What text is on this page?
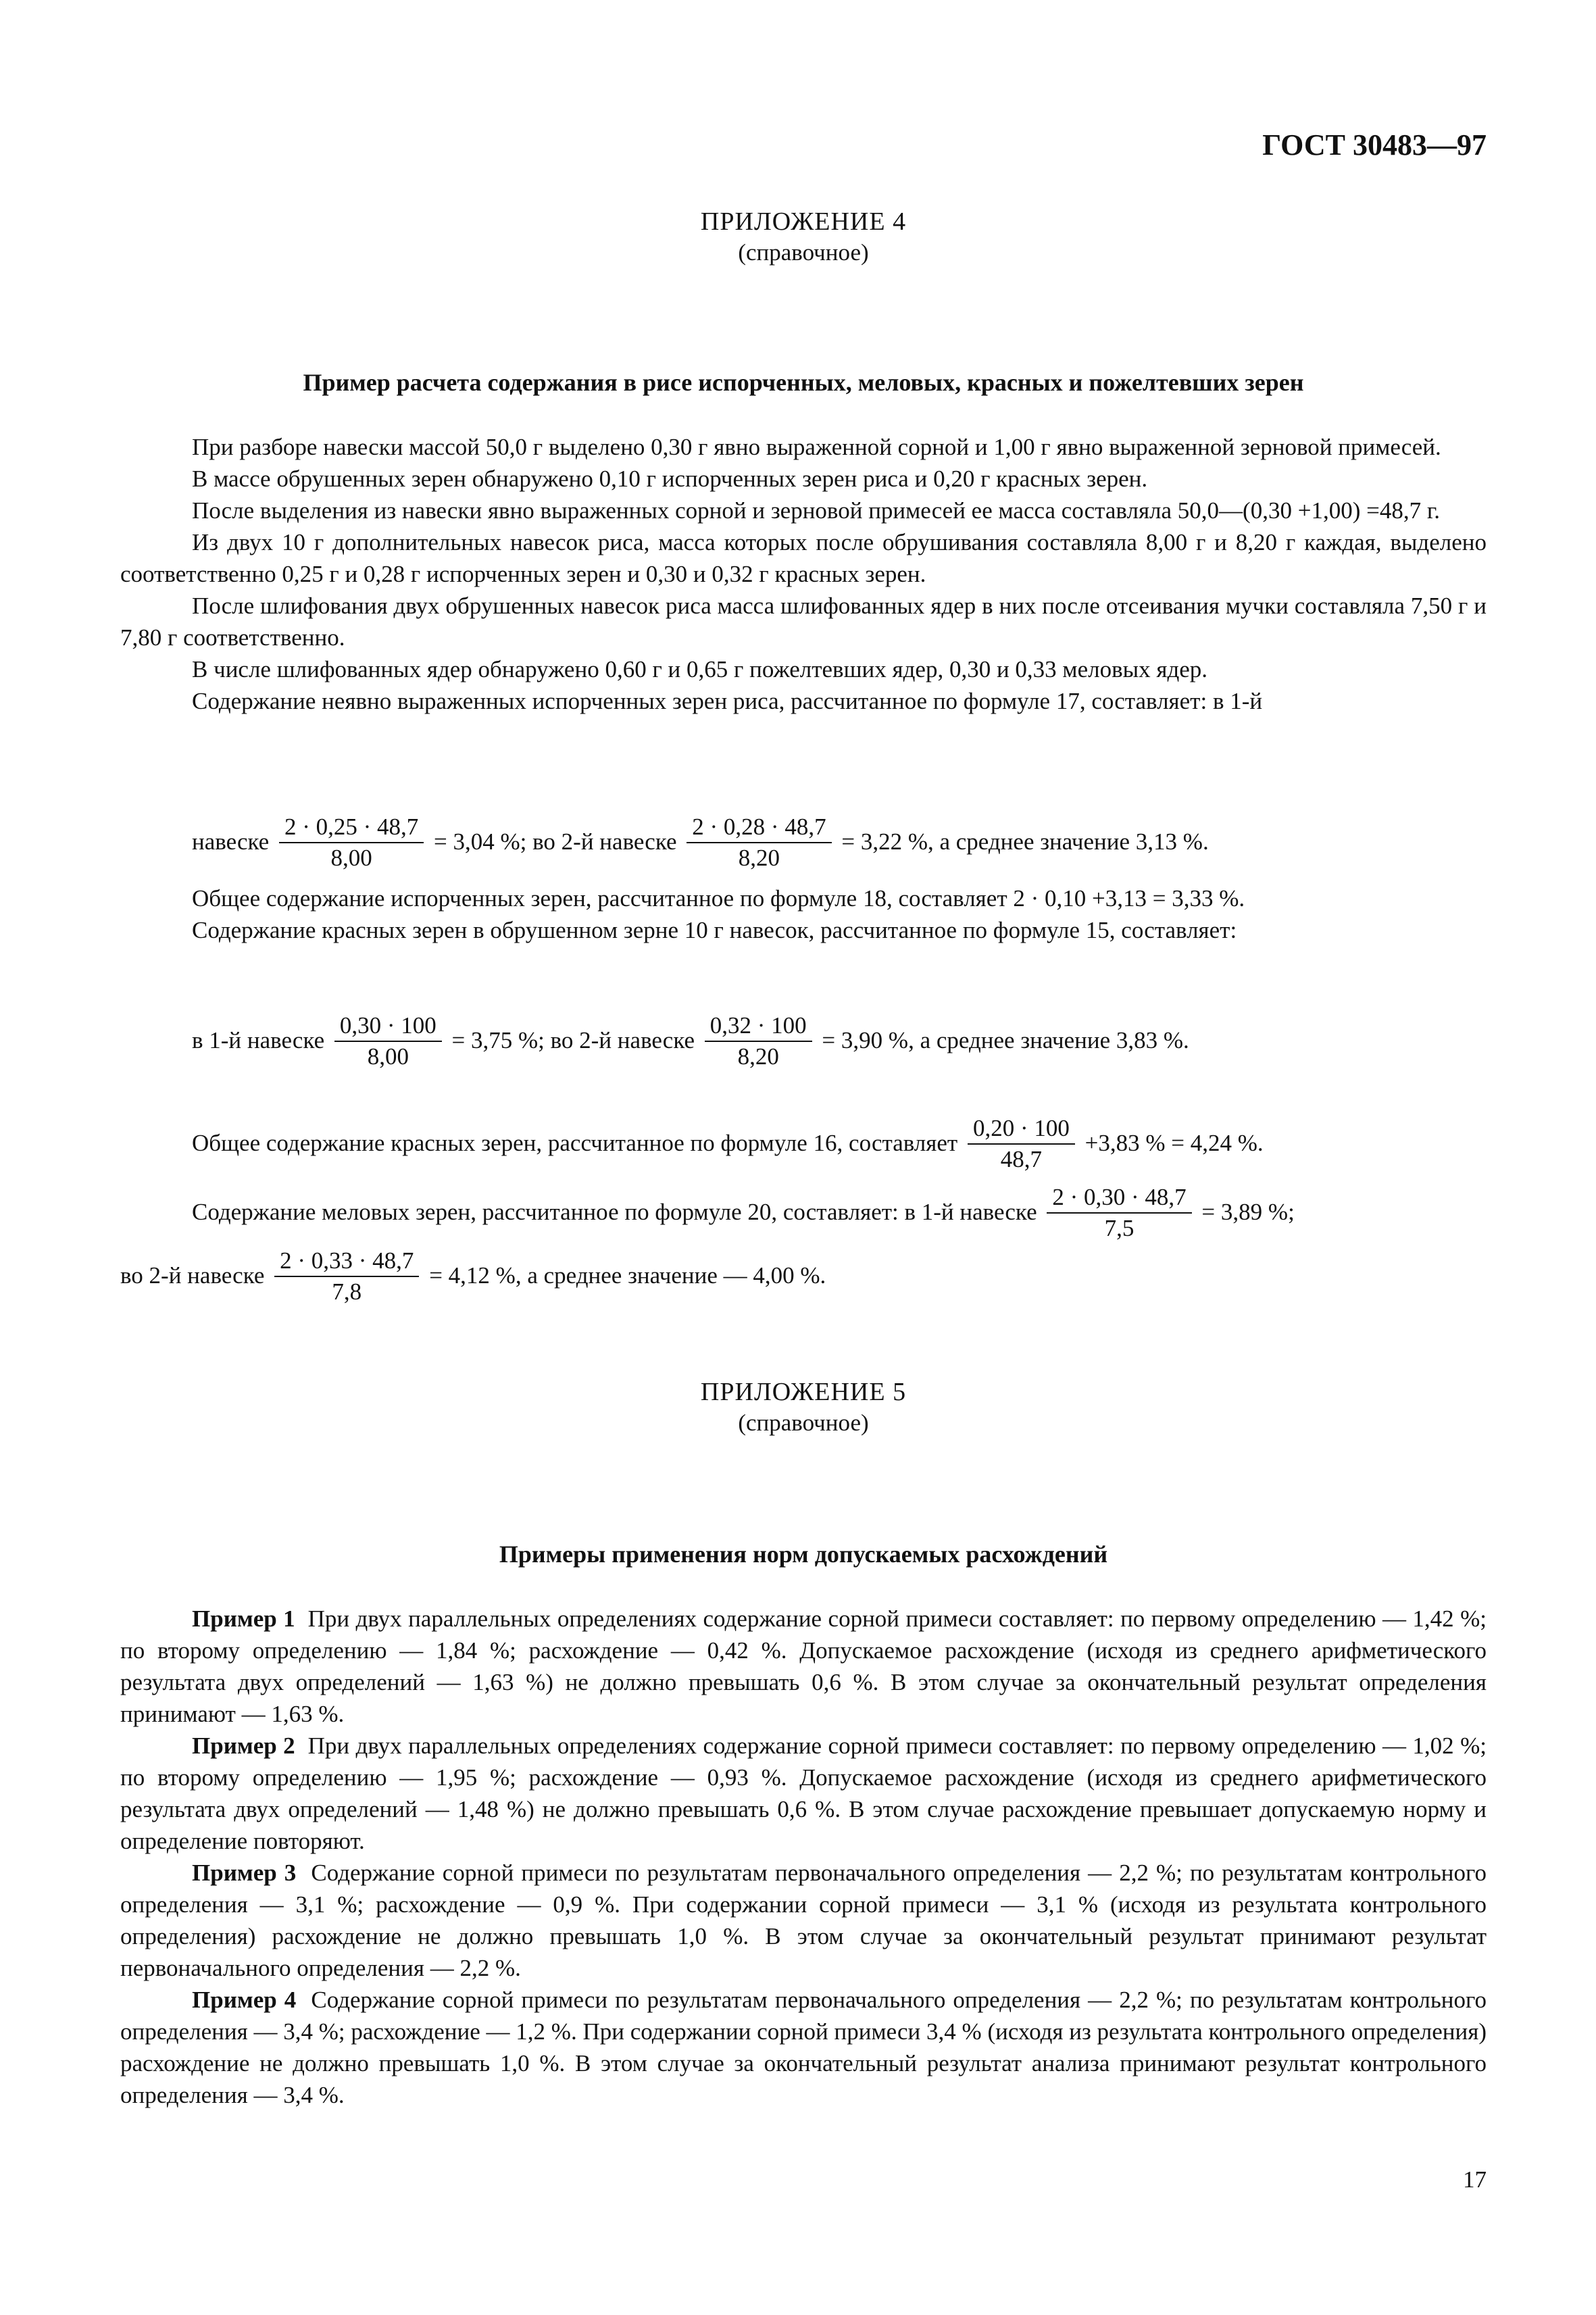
ГОСТ 30483—97
ПРИЛОЖЕНИЕ 4
(справочное)
Пример расчета содержания в рисе испорченных, меловых, красных и пожелтевших зерен

При разборе навески массой 50,0 г выделено 0,30 г явно выраженной сорной и 1,00 г явно выраженной зерновой примесей.

В массе обрушенных зерен обнаружено 0,10 г испорченных зерен риса и 0,20 г красных зерен.

После выделения из навески явно выраженных сорной и зерновой примесей ее масса составляла 50,0—(0,30 +1,00) =48,7 г.

Из двух 10 г дополнительных навесок риса, масса которых после обрушивания составляла 8,00 г и 8,20 г каждая, выделено соответственно 0,25 г и 0,28 г испорченных зерен и 0,30 и 0,32 г красных зерен.

После шлифования двух обрушенных навесок риса масса шлифованных ядер в них после отсеивания мучки составляла 7,50 г и 7,80 г соответственно.

В числе шлифованных ядер обнаружено 0,60 г и 0,65 г пожелтевших ядер, 0,30 и 0,33 меловых ядер.

Содержание неявно выраженных испорченных зерен риса, рассчитанное по формуле 17, составляет: в 1-й

навеске $\frac{2 \cdot 0,25 \cdot 48,7}{8,00} = 3,04$ %; во 2-й навеске $\frac{2 \cdot 0,28 \cdot 48,7}{8,20} = 3,22$ %, а среднее значение 3,13 %.

Общее содержание испорченных зерен, рассчитанное по формуле 18, составляет 2 · 0,10 +3,13 = 3,33 %.

Содержание красных зерен в обрушенном зерне 10 г навесок, рассчитанное по формуле 15, составляет:

в 1-й навеске $\frac{0,30 \cdot 100}{8,00} = 3,75$ %; во 2-й навеске $\frac{0,32 \cdot 100}{8,20} = 3,90$ %, а среднее значение 3,83 %.
Общее содержание красных зерен, рассчитанное по формуле 16, составляет $\frac{0,20 \cdot 100}{48,7} +3,83$ % = 4,24 %.
Содержание меловых зерен, рассчитанное по формуле 20, составляет: в 1-й навеске $\frac{2 \cdot 0,30 \cdot 48,7}{7,5} = 3,89$ %;
во 2-й навеске $\frac{2 \cdot 0,33 \cdot 48,7}{7,8} = 4,12$ %, а среднее значение — 4,00 %.
ПРИЛОЖЕНИЕ 5
(справочное)
Примеры применения норм допускаемых расхождений

Пример 1 При двух параллельных определениях содержание сорной примеси составляет: по первому определению — 1,42 %; по второму определению — 1,84 %; расхождение — 0,42 %. Допускаемое расхождение (исходя из среднего арифметического результата двух определений — 1,63 %) не должно превышать 0,6 %. В этом случае за окончательный результат определения принимают — 1,63 %.

Пример 2 При двух параллельных определениях содержание сорной примеси составляет: по первому определению — 1,02 %; по второму определению — 1,95 %; расхождение — 0,93 %. Допускаемое расхождение (исходя из среднего арифметического результата двух определений — 1,48 %) не должно превышать 0,6 %. В этом случае расхождение превышает допускаемую норму и определение повторяют.

Пример 3 Содержание сорной примеси по результатам первоначального определения — 2,2 %; по результатам контрольного определения — 3,1 %; расхождение — 0,9 %. При содержании сорной примеси — 3,1 % (исходя из результата контрольного определения) расхождение не должно превышать 1,0 %. В этом случае за окончательный результат принимают результат первоначального определения — 2,2 %.

Пример 4 Содержание сорной примеси по результатам первоначального определения — 2,2 %; по результатам контрольного определения — 3,4 %; расхождение — 1,2 %. При содержании сорной примеси 3,4 % (исходя из результата контрольного определения) расхождение не должно превышать 1,0 %. В этом случае за окончательный результат анализа принимают результат контрольного определения — 3,4 %.

17
